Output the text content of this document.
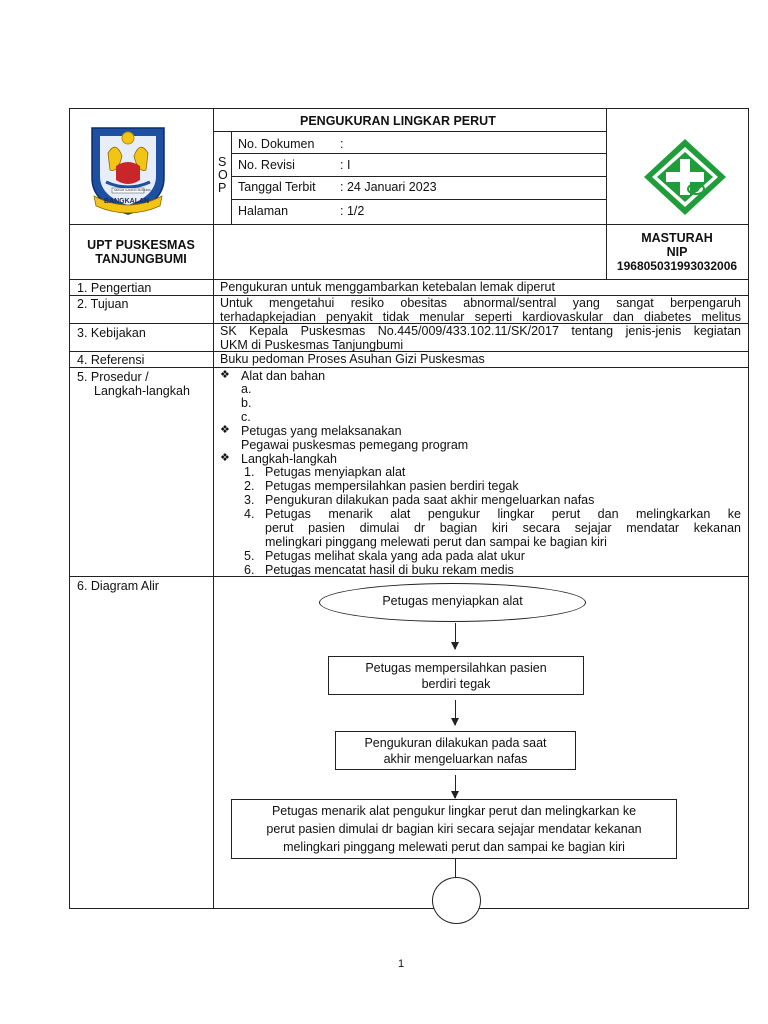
BANGKALAN
SEKAR GADING MADURA
PENGUKURAN LINGKAR PERUT
S
O
P
No. Dokumen :
No. Revisi	: I
Tanggal Terbit : 24 Januari 2023
Halaman	: 1/2
UPT PUSKESMAS
TANJUNGBUMI
MASTURAH
NIP
196805031993032006
1. Pengertian	Pengukuran untuk menggambarkan ketebalan lemak diperut
2. Tujuan	Untuk mengetahui resiko obesitas abnormal/sentral yang sangat berpengaruh
terhadapkejadian penyakit tidak menular seperti kardiovaskular dan diabetes melitus
3. Kebijakan	SK Kepala Puskesmas No.445/009/433.102.11/SK/2017 tentang jenis-jenis kegiatan
UKM di Puskesmas Tanjungbumi
4. Referensi	Buku pedoman Proses Asuhan Gizi Puskesmas
5. Prosedur /
Langkah-langkah
❖ Alat dan bahan
a.
b.
c.
❖ Petugas yang melaksanakan
Pegawai puskesmas pemegang program
❖ Langkah-langkah
1. Petugas menyiapkan alat
2. Petugas mempersilahkan pasien berdiri tegak
3. Pengukuran dilakukan pada saat akhir mengeluarkan nafas
4. Petugas menarik alat pengukur lingkar perut dan melingkarkan ke
perut pasien dimulai dr bagian kiri secara sejajar mendatar kekanan
melingkari pinggang melewati perut dan sampai ke bagian kiri
5. Petugas melihat skala yang ada pada alat ukur
6. Petugas mencatat hasil di buku rekam medis
6. Diagram Alir
Petugas menyiapkan alat
Petugas mempersilahkan pasien
berdiri tegak
Pengukuran dilakukan pada saat
akhir mengeluarkan nafas
Petugas menarik alat pengukur lingkar perut dan melingkarkan ke
perut pasien dimulai dr bagian kiri secara sejajar mendatar kekanan
melingkari pinggang melewati perut dan sampai ke bagian kiri
1
